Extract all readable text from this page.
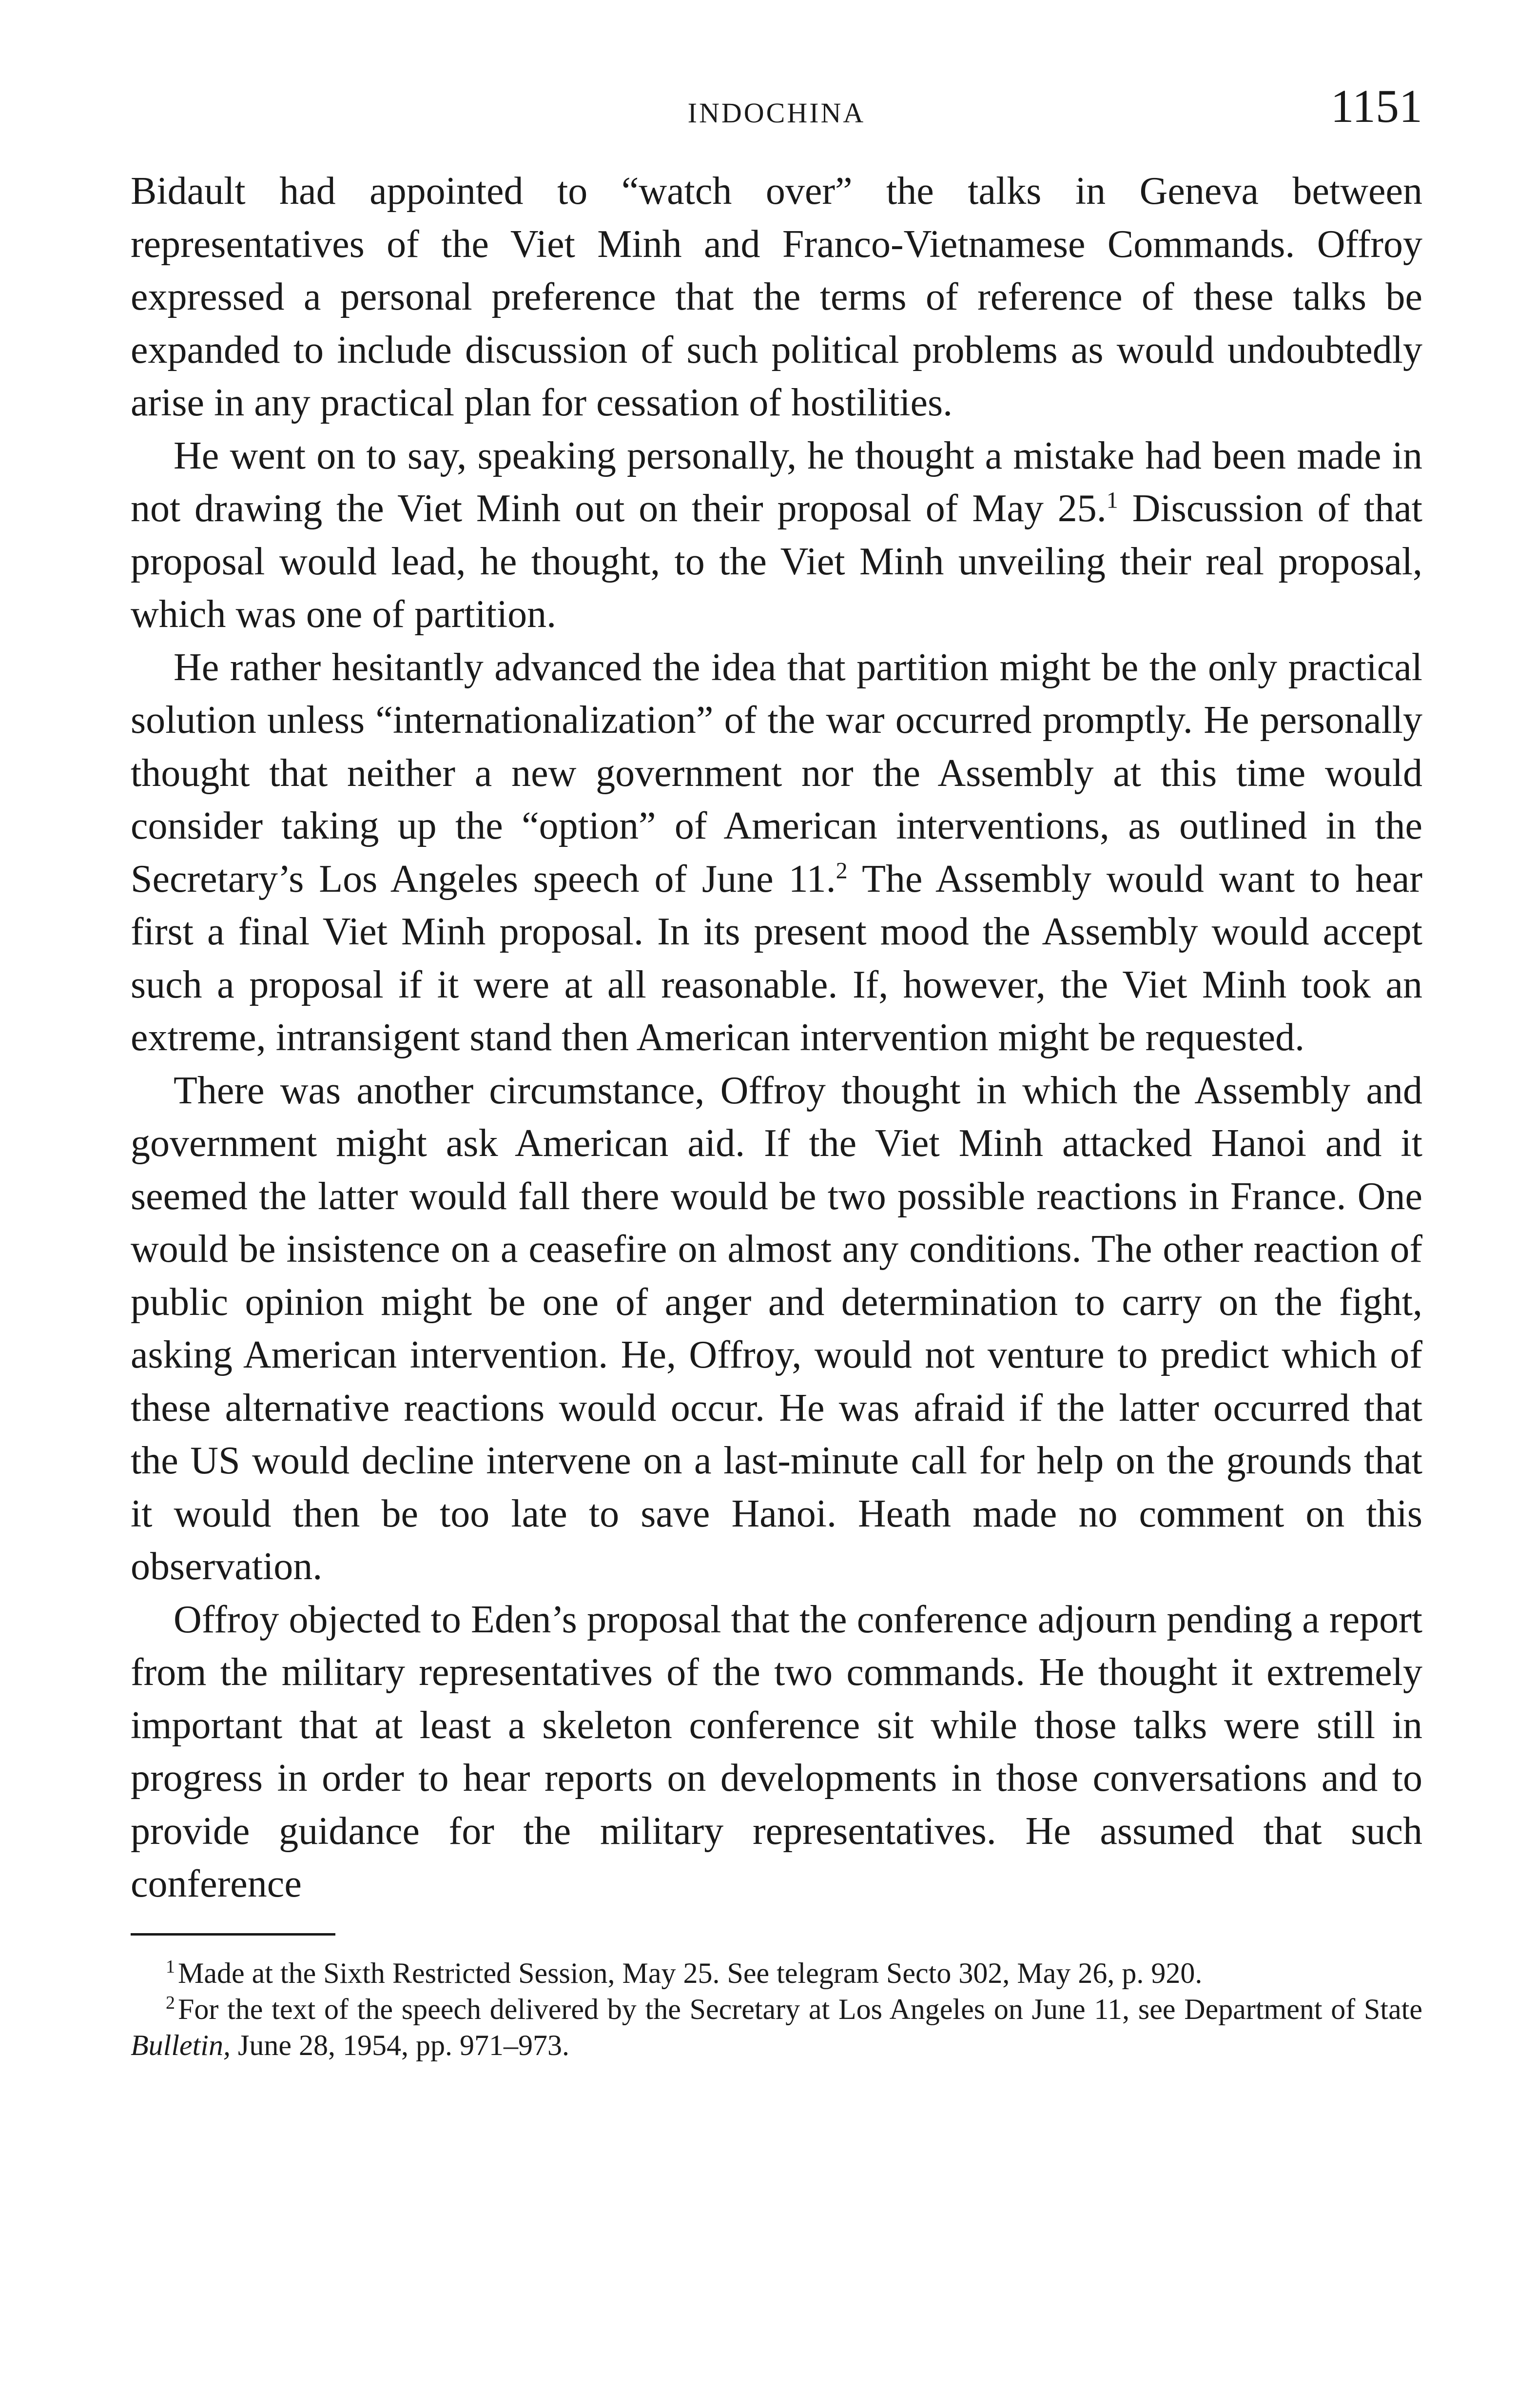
INDOCHINA	1151

Bidault had appointed to “watch over” the talks in Geneva between representatives of the Viet Minh and Franco-Vietnamese Commands. Offroy expressed a personal preference that the terms of reference of these talks be expanded to include discussion of such political problems as would undoubtedly arise in any practical plan for cessation of hostilities.

He went on to say, speaking personally, he thought a mistake had been made in not drawing the Viet Minh out on their proposal of May 25.$^1$ Discussion of that proposal would lead, he thought, to the Viet Minh unveiling their real proposal, which was one of partition.

He rather hesitantly advanced the idea that partition might be the only practical solution unless “internationalization” of the war occurred promptly. He personally thought that neither a new government nor the Assembly at this time would consider taking up the “option” of American interventions, as outlined in the Secretary’s Los Angeles speech of June 11.$^2$ The Assembly would want to hear first a final Viet Minh proposal. In its present mood the Assembly would accept such a proposal if it were at all reasonable. If, however, the Viet Minh took an extreme, intransigent stand then American intervention might be requested.

There was another circumstance, Offroy thought in which the Assembly and government might ask American aid. If the Viet Minh attacked Hanoi and it seemed the latter would fall there would be two possible reactions in France. One would be insistence on a ceasefire on almost any conditions. The other reaction of public opinion might be one of anger and determination to carry on the fight, asking American intervention. He, Offroy, would not venture to predict which of these alternative reactions would occur. He was afraid if the latter occurred that the US would decline intervene on a last-minute call for help on the grounds that it would then be too late to save Hanoi. Heath made no comment on this observation.

Offroy objected to Eden’s proposal that the conference adjourn pending a report from the military representatives of the two commands. He thought it extremely important that at least a skeleton conference sit while those talks were still in progress in order to hear reports on developments in those conversations and to provide guidance for the military representatives. He assumed that such conference

$^1$ Made at the Sixth Restricted Session, May 25. See telegram Secto 302, May 26, p. 920.

$^2$ For the text of the speech delivered by the Secretary at Los Angeles on June 11, see Department of State Bulletin, June 28, 1954, pp. 971–973.
